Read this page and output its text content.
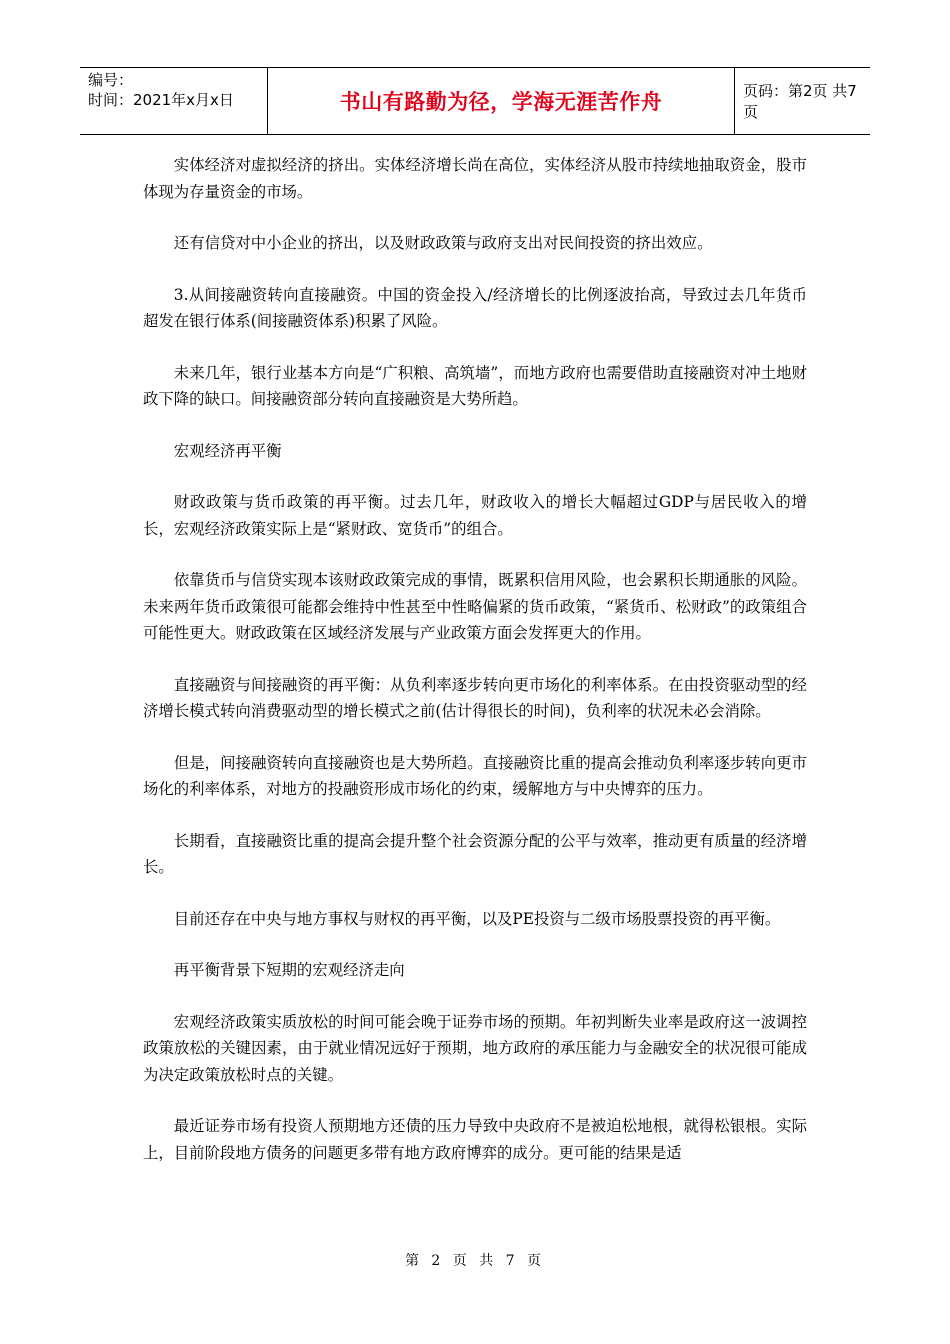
编号：
时间：2021年x月x日	书山有路勤为径，学海无涯苦作舟	页码：第2页 共7页

实体经济对虚拟经济的挤出。实体经济增长尚在高位，实体经济从股市持续地抽取资金，股市体现为存量资金的市场。

还有信贷对中小企业的挤出，以及财政政策与政府支出对民间投资的挤出效应。

3.从间接融资转向直接融资。中国的资金投入/经济增长的比例逐波抬高，导致过去几年货币超发在银行体系(间接融资体系)积累了风险。

未来几年，银行业基本方向是“广积粮、高筑墙”，而地方政府也需要借助直接融资对冲土地财政下降的缺口。间接融资部分转向直接融资是大势所趋。

宏观经济再平衡

财政政策与货币政策的再平衡。过去几年，财政收入的增长大幅超过GDP与居民收入的增长，宏观经济政策实际上是“紧财政、宽货币”的组合。

依靠货币与信贷实现本该财政政策完成的事情，既累积信用风险，也会累积长期通胀的风险。未来两年货币政策很可能都会维持中性甚至中性略偏紧的货币政策，“紧货币、松财政”的政策组合可能性更大。财政政策在区域经济发展与产业政策方面会发挥更大的作用。

直接融资与间接融资的再平衡：从负利率逐步转向更市场化的利率体系。在由投资驱动型的经济增长模式转向消费驱动型的增长模式之前(估计得很长的时间)，负利率的状况未必会消除。

但是，间接融资转向直接融资也是大势所趋。直接融资比重的提高会推动负利率逐步转向更市场化的利率体系，对地方的投融资形成市场化的约束，缓解地方与中央博弈的压力。

长期看，直接融资比重的提高会提升整个社会资源分配的公平与效率，推动更有质量的经济增长。

目前还存在中央与地方事权与财权的再平衡，以及PE投资与二级市场股票投资的再平衡。

再平衡背景下短期的宏观经济走向

宏观经济政策实质放松的时间可能会晚于证券市场的预期。年初判断失业率是政府这一波调控政策放松的关键因素，由于就业情况远好于预期，地方政府的承压能力与金融安全的状况很可能成为决定政策放松时点的关键。

最近证券市场有投资人预期地方还债的压力导致中央政府不是被迫松地根，就得松银根。实际上，目前阶段地方债务的问题更多带有地方政府博弈的成分。更可能的结果是适

第 2 页 共 7 页
